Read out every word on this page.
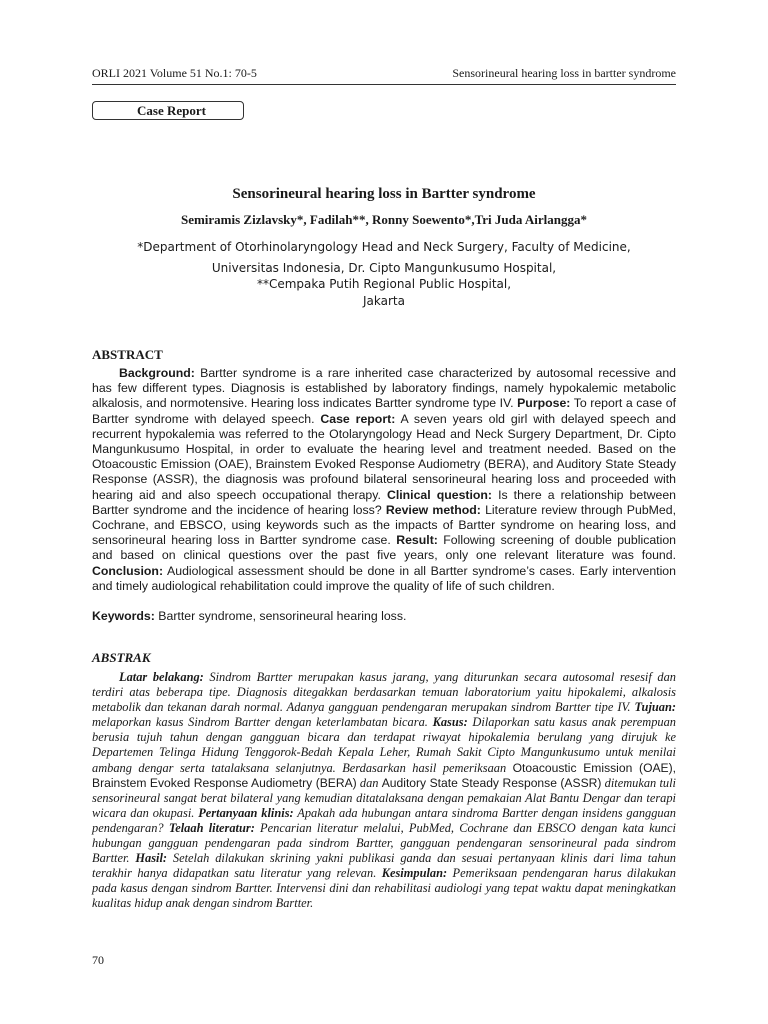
ORLI 2021 Volume 51 No.1: 70-5	Sensorineural hearing loss in bartter syndrome
Case Report
Sensorineural hearing loss in Bartter syndrome
Semiramis Zizlavsky*, Fadilah**, Ronny Soewento*,Tri Juda Airlangga*
*Department of Otorhinolaryngology Head and Neck Surgery, Faculty of Medicine,
Universitas Indonesia, Dr. Cipto Mangunkusumo Hospital,
**Cempaka Putih Regional Public Hospital,
Jakarta
ABSTRACT
Background: Bartter syndrome is a rare inherited case characterized by autosomal recessive and has few different types. Diagnosis is established by laboratory findings, namely hypokalemic metabolic alkalosis, and normotensive. Hearing loss indicates Bartter syndrome type IV. Purpose: To report a case of Bartter syndrome with delayed speech. Case report: A seven years old girl with delayed speech and recurrent hypokalemia was referred to the Otolaryngology Head and Neck Surgery Department, Dr. Cipto Mangunkusumo Hospital, in order to evaluate the hearing level and treatment needed. Based on the Otoacoustic Emission (OAE), Brainstem Evoked Response Audiometry (BERA), and Auditory State Steady Response (ASSR), the diagnosis was profound bilateral sensorineural hearing loss and proceeded with hearing aid and also speech occupational therapy. Clinical question: Is there a relationship between Bartter syndrome and the incidence of hearing loss? Review method: Literature review through PubMed, Cochrane, and EBSCO, using keywords such as the impacts of Bartter syndrome on hearing loss, and sensorineural hearing loss in Bartter syndrome case. Result: Following screening of double publication and based on clinical questions over the past five years, only one relevant literature was found. Conclusion: Audiological assessment should be done in all Bartter syndrome’s cases. Early intervention and timely audiological rehabilitation could improve the quality of life of such children.
Keywords: Bartter syndrome, sensorineural hearing loss.
ABSTRAK
Latar belakang: Sindrom Bartter merupakan kasus jarang, yang diturunkan secara autosomal resesif dan terdiri atas beberapa tipe. Diagnosis ditegakkan berdasarkan temuan laboratorium yaitu hipokalemi, alkalosis metabolik dan tekanan darah normal. Adanya gangguan pendengaran merupakan sindrom Bartter tipe IV. Tujuan: melaporkan kasus Sindrom Bartter dengan keterlambatan bicara. Kasus: Dilaporkan satu kasus anak perempuan berusia tujuh tahun dengan gangguan bicara dan terdapat riwayat hipokalemia berulang yang dirujuk ke Departemen Telinga Hidung Tenggorok-Bedah Kepala Leher, Rumah Sakit Cipto Mangunkusumo untuk menilai ambang dengar serta tatalaksana selanjutnya. Berdasarkan hasil pemeriksaan Otoacoustic Emission (OAE), Brainstem Evoked Response Audiometry (BERA) dan Auditory State Steady Response (ASSR) ditemukan tuli sensorineural sangat berat bilateral yang kemudian ditatalaksana dengan pemakaian Alat Bantu Dengar dan terapi wicara dan okupasi. Pertanyaan klinis: Apakah ada hubungan antara sindroma Bartter dengan insidens gangguan pendengaran? Telaah literatur: Pencarian literatur melalui, PubMed, Cochrane dan EBSCO dengan kata kunci hubungan gangguan pendengaran pada sindrom Bartter, gangguan pendengaran sensorineural pada sindrom Bartter. Hasil: Setelah dilakukan skrining yakni publikasi ganda dan sesuai pertanyaan klinis dari lima tahun terakhir hanya didapatkan satu literatur yang relevan. Kesimpulan: Pemeriksaan pendengaran harus dilakukan pada kasus dengan sindrom Bartter. Intervensi dini dan rehabilitasi audiologi yang tepat waktu dapat meningkatkan kualitas hidup anak dengan sindrom Bartter.
70
